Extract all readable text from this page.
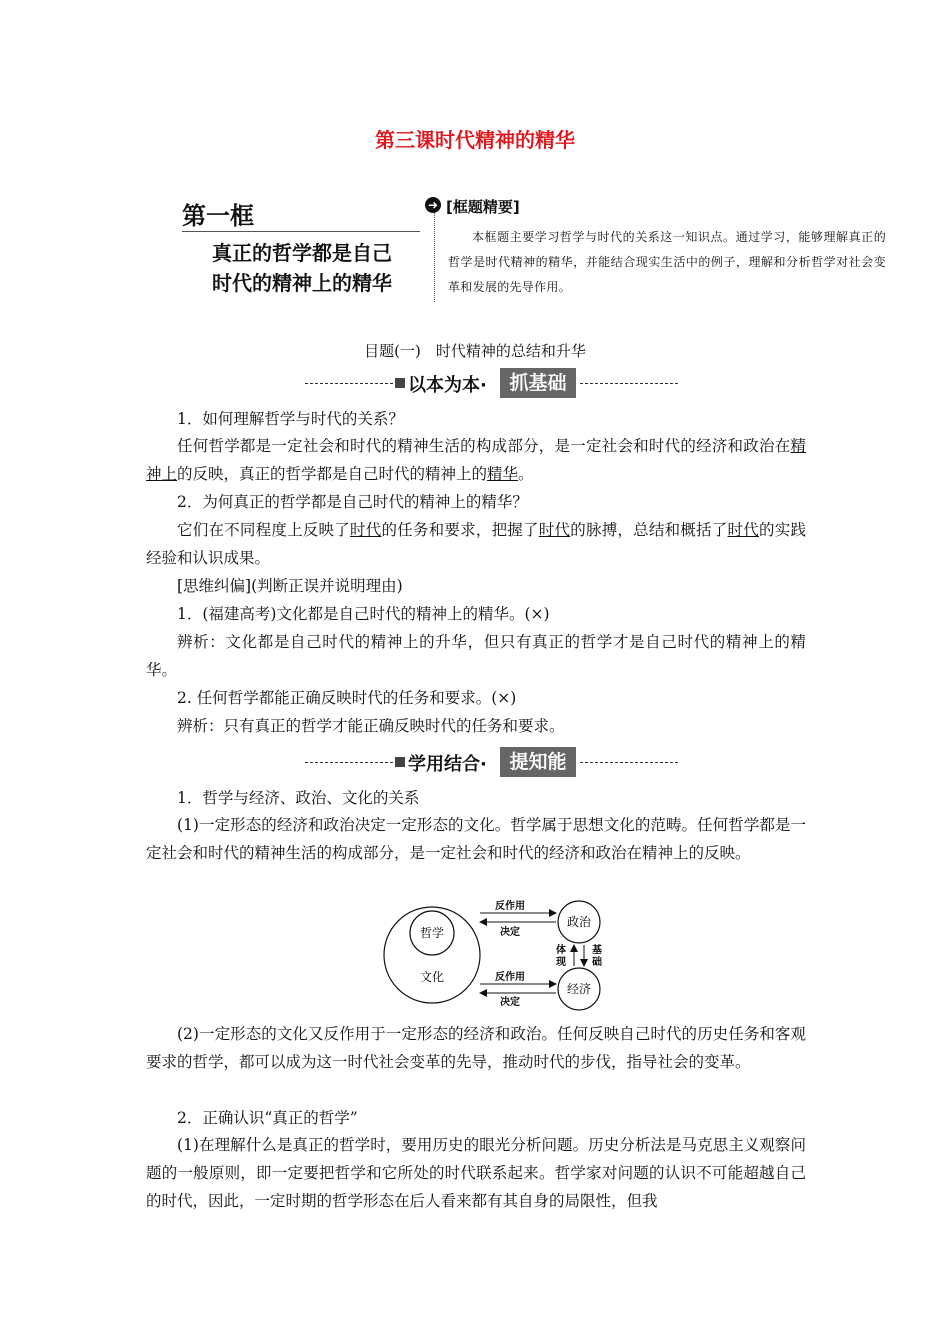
第三课时代精神的精华
第一框
真正的哲学都是自己
时代的精神上的精华
➜ [框题精要]
本框题主要学习哲学与时代的关系这一知识点。通过学习，能够理解真正的哲学是时代精神的精华，并能结合现实生活中的例子，理解和分析哲学对社会变革和发展的先导作用。
目题(一)　时代精神的总结和升华
以本为本·	抓基础

1．如何理解哲学与时代的关系？

任何哲学都是一定社会和时代的精神生活的构成部分，是一定社会和时代的经济和政治在精神上的反映，真正的哲学都是自己时代的精神上的精华。

2．为何真正的哲学都是自己时代的精神上的精华？

它们在不同程度上反映了时代的任务和要求，把握了时代的脉搏，总结和概括了时代的实践经验和认识成果。

[思维纠偏](判断正误并说明理由)

1．(福建高考)文化都是自己时代的精神上的精华。(×)

辨析：文化都是自己时代的精神上的升华，但只有真正的哲学才是自己时代的精神上的精华。

2. 任何哲学都能正确反映时代的任务和要求。(×)

辨析：只有真正的哲学才能正确反映时代的任务和要求。

学用结合·	提知能

1．哲学与经济、政治、文化的关系

(1)一定形态的经济和政治决定一定形态的文化。哲学属于思想文化的范畴。任何哲学都是一定社会和时代的精神生活的构成部分，是一定社会和时代的经济和政治在精神上的反映。

哲学
文化
政治
经济
反作用
决定
反作用
决定
体现
基础

(2)一定形态的文化又反作用于一定形态的经济和政治。任何反映自己时代的历史任务和客观要求的哲学，都可以成为这一时代社会变革的先导，推动时代的步伐，指导社会的变革。

2．正确认识“真正的哲学”

(1)在理解什么是真正的哲学时，要用历史的眼光分析问题。历史分析法是马克思主义观察问题的一般原则，即一定要把哲学和它所处的时代联系起来。哲学家对问题的认识不可能超越自己的时代，因此，一定时期的哲学形态在后人看来都有其自身的局限性，但我
